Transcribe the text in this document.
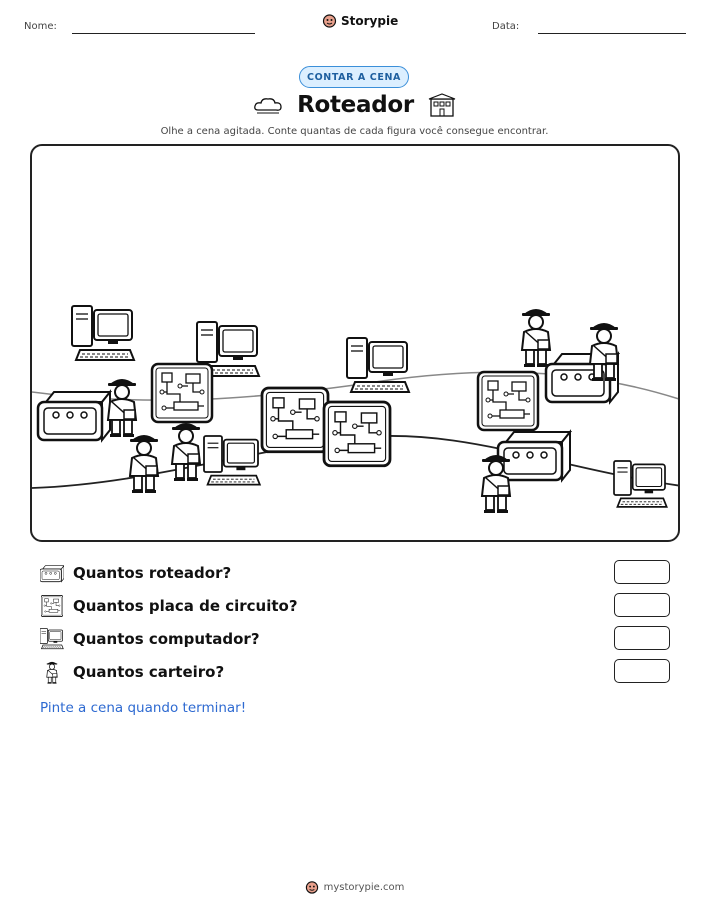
Nome:	Storypie	Data:
CONTAR A CENA
Roteador
Olhe a cena agitada. Conte quantas de cada figura você consegue encontrar.
Quantos roteador?
Quantos placa de circuito?
Quantos computador?
Quantos carteiro?
Pinte a cena quando terminar!
mystorypie.com
